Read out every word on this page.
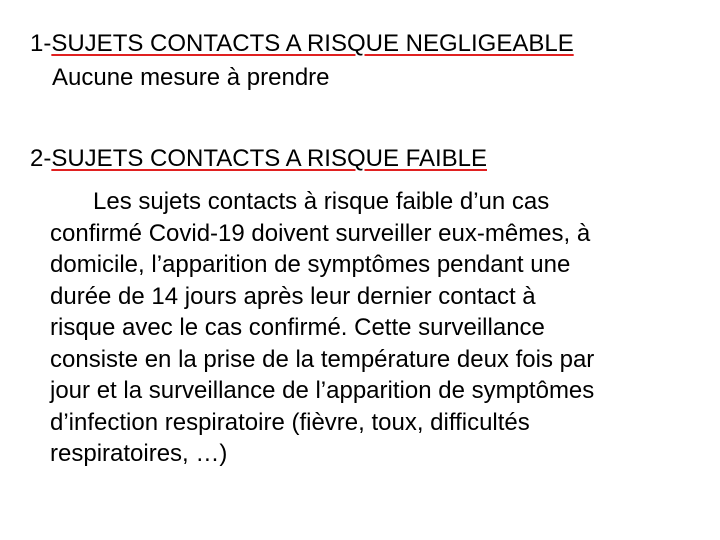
1-SUJETS CONTACTS A RISQUE NEGLIGEABLE
Aucune mesure à prendre
2-SUJETS CONTACTS A RISQUE FAIBLE
Les sujets contacts à risque faible d’un cas
confirmé Covid-19 doivent surveiller eux-mêmes, à
domicile, l’apparition de symptômes pendant une
durée de 14 jours après leur dernier contact à
risque avec le cas confirmé. Cette surveillance
consiste en la prise de la température deux fois par
jour et la surveillance de l’apparition de symptômes
d’infection respiratoire (fièvre, toux, difficultés
respiratoires, …)
